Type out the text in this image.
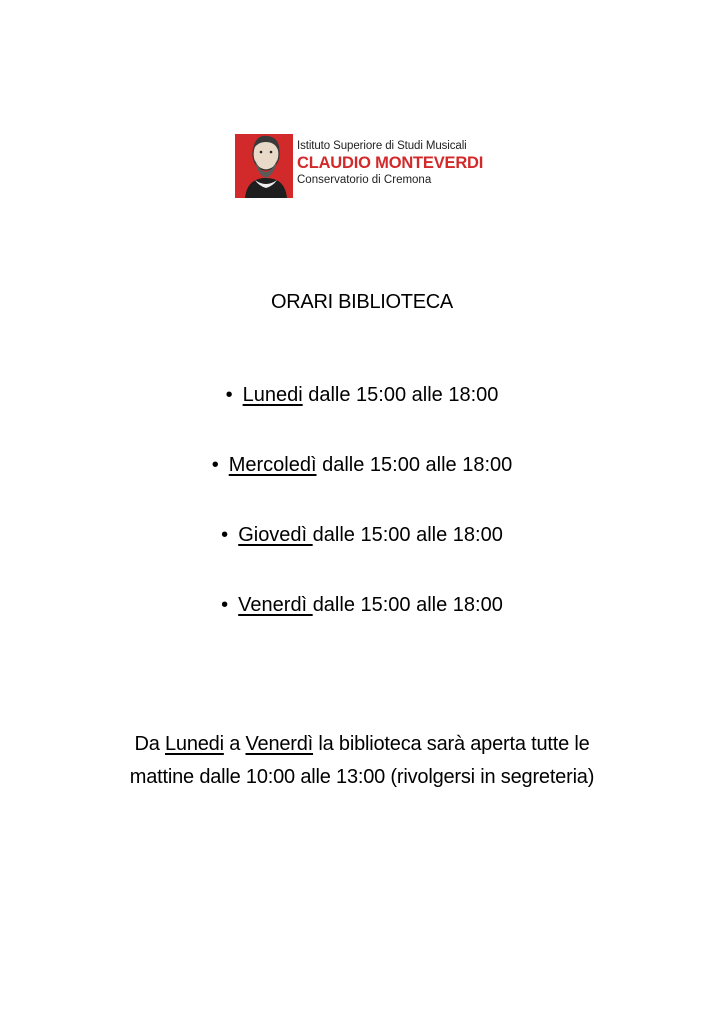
Istituto Superiore di Studi Musicali
CLAUDIO MONTEVERDI
Conservatorio di Cremona
ORARI BIBLIOTECA
• Lunedi dalle 15:00 alle 18:00
• Mercoledì dalle 15:00 alle 18:00
• Giovedì dalle 15:00 alle 18:00
• Venerdì dalle 15:00 alle 18:00
Da Lunedi a Venerdì la biblioteca sarà aperta tutte le
mattine dalle 10:00 alle 13:00 (rivolgersi in segreteria)
